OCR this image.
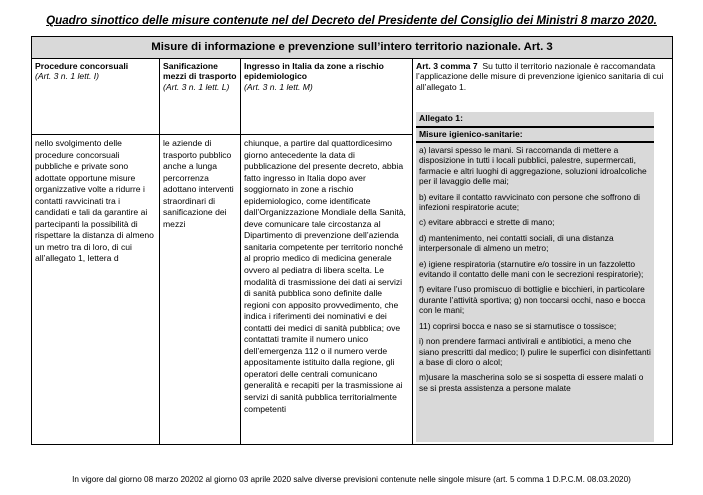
Quadro sinottico delle misure contenute nel del Decreto del Presidente del Consiglio dei Ministri 8 marzo 2020.
Misure di informazione e prevenzione sull’intero territorio nazionale. Art. 3
Procedure concorsuali
(Art. 3 n. 1 lett. I)
nello svolgimento delle procedure concorsuali pubbliche e private sono adottate opportune misure organizzative volte a ridurre i contatti ravvicinati tra i candidati e tali da garantire ai partecipanti la possibilità di rispettare la distanza di almeno un metro tra di loro, di cui all’allegato 1, lettera d
Sanificazione mezzi di trasporto
(Art. 3 n. 1 lett. L)
le aziende di trasporto pubblico anche a lunga percorrenza adottano interventi straordinari di sanificazione dei mezzi
Ingresso in Italia da zone a rischio epidemiologico
(Art. 3 n. 1 lett. M)
chiunque, a partire dal quattordicesimo giorno antecedente la data di pubblicazione del presente decreto, abbia fatto ingresso in Italia dopo aver soggiornato in zone a rischio epidemiologico, come identificate dall’Organizzazione Mondiale della Sanità, deve comunicare tale circostanza al Dipartimento di prevenzione dell’azienda sanitaria competente per territorio nonché al proprio medico di medicina generale ovvero al pediatra di libera scelta. Le modalità di trasmissione dei dati ai servizi di sanità pubblica sono definite dalle regioni con apposito provvedimento, che indica i riferimenti dei nominativi e dei contatti dei medici di sanità pubblica; ove contattati tramite il numero unico dell’emergenza 112 o il numero verde appositamente istituito dalla regione, gli operatori delle centrali comunicano generalità e recapiti per la trasmissione ai servizi di sanità pubblica territorialmente competenti
Art. 3 comma 7 Su tutto il territorio nazionale è raccomandata l’applicazione delle misure di prevenzione igienico sanitaria di cui all’allegato 1.
Allegato 1:
Misure igienico-sanitarie:

a) lavarsi spesso le mani. Si raccomanda di mettere a disposizione in tutti i locali pubblici, palestre, supermercati, farmacie e altri luoghi di aggregazione, soluzioni idroalcoliche per il lavaggio delle mai;

b) evitare il contatto ravvicinato con persone che soffrono di infezioni respiratorie acute;

c) evitare abbracci e strette di mano;

d) mantenimento, nei contatti sociali, di una distanza interpersonale di almeno un metro;

e) igiene respiratoria (starnutire e/o tossire in un fazzoletto evitando il contatto delle mani con le secrezioni respiratorie);

f) evitare l’uso promiscuo di bottiglie e bicchieri, in particolare durante l’attività sportiva; g) non toccarsi occhi, naso e bocca con le mani;

11) coprirsi bocca e naso se si starnutisce o tossisce;

i) non prendere farmaci antivirali e antibiotici, a meno che siano prescritti dal medico; l) pulire le superfici con disinfettanti a base di cloro o alcol;

m)usare la mascherina solo se si sospetta di essere malati o se si presta assistenza a persone malate

In vigore dal giorno 08 marzo 20202 al giorno 03 aprile 2020 salve diverse previsioni contenute nelle singole misure (art. 5 comma 1 D.P.C.M. 08.03.2020)
